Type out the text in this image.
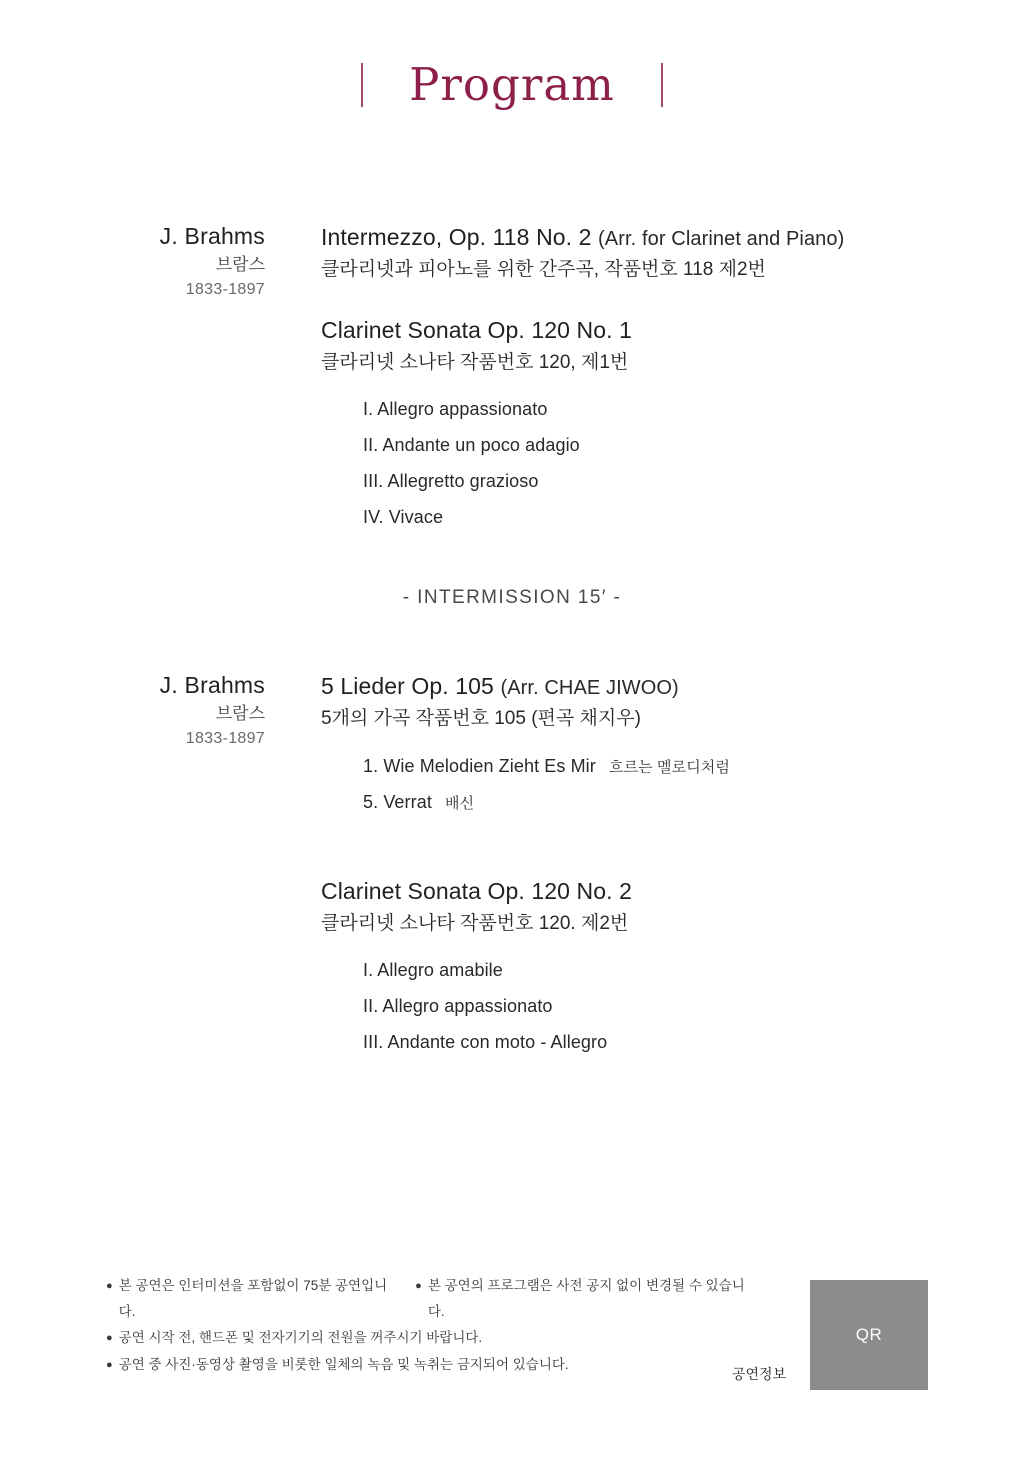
Program
J. Brahms
브람스
1833-1897
Intermezzo, Op. 118 No. 2 (Arr. for Clarinet and Piano)
클라리넷과 피아노를 위한 간주곡, 작품번호 118 제2번
Clarinet Sonata Op. 120 No. 1
클라리넷 소나타 작품번호 120, 제1번
I. Allegro appassionato
II. Andante un poco adagio
III. Allegretto grazioso
IV. Vivace
- INTERMISSION 15′ -
J. Brahms
브람스
1833-1897
5 Lieder Op. 105 (Arr. CHAE JIWOO)
5개의 가곡 작품번호 105 (편곡 채지우)
1. Wie Melodien Zieht Es Mir 흐르는 멜로디처럼
5. Verrat 배신
Clarinet Sonata Op. 120 No. 2
클라리넷 소나타 작품번호 120. 제2번
I. Allegro amabile
II. Allegro appassionato
III. Andante con moto - Allegro
● 본 공연은 인터미션을 포함없이 75분 공연입니다.
● 본 공연의 프로그램은 사전 공지 없이 변경될 수 있습니다.
● 공연 시작 전, 핸드폰 및 전자기기의 전원을 꺼주시기 바랍니다.
● 공연 중 사진·동영상 촬영을 비롯한 일체의 녹음 및 녹취는 금지되어 있습니다.
QR
공연정보
